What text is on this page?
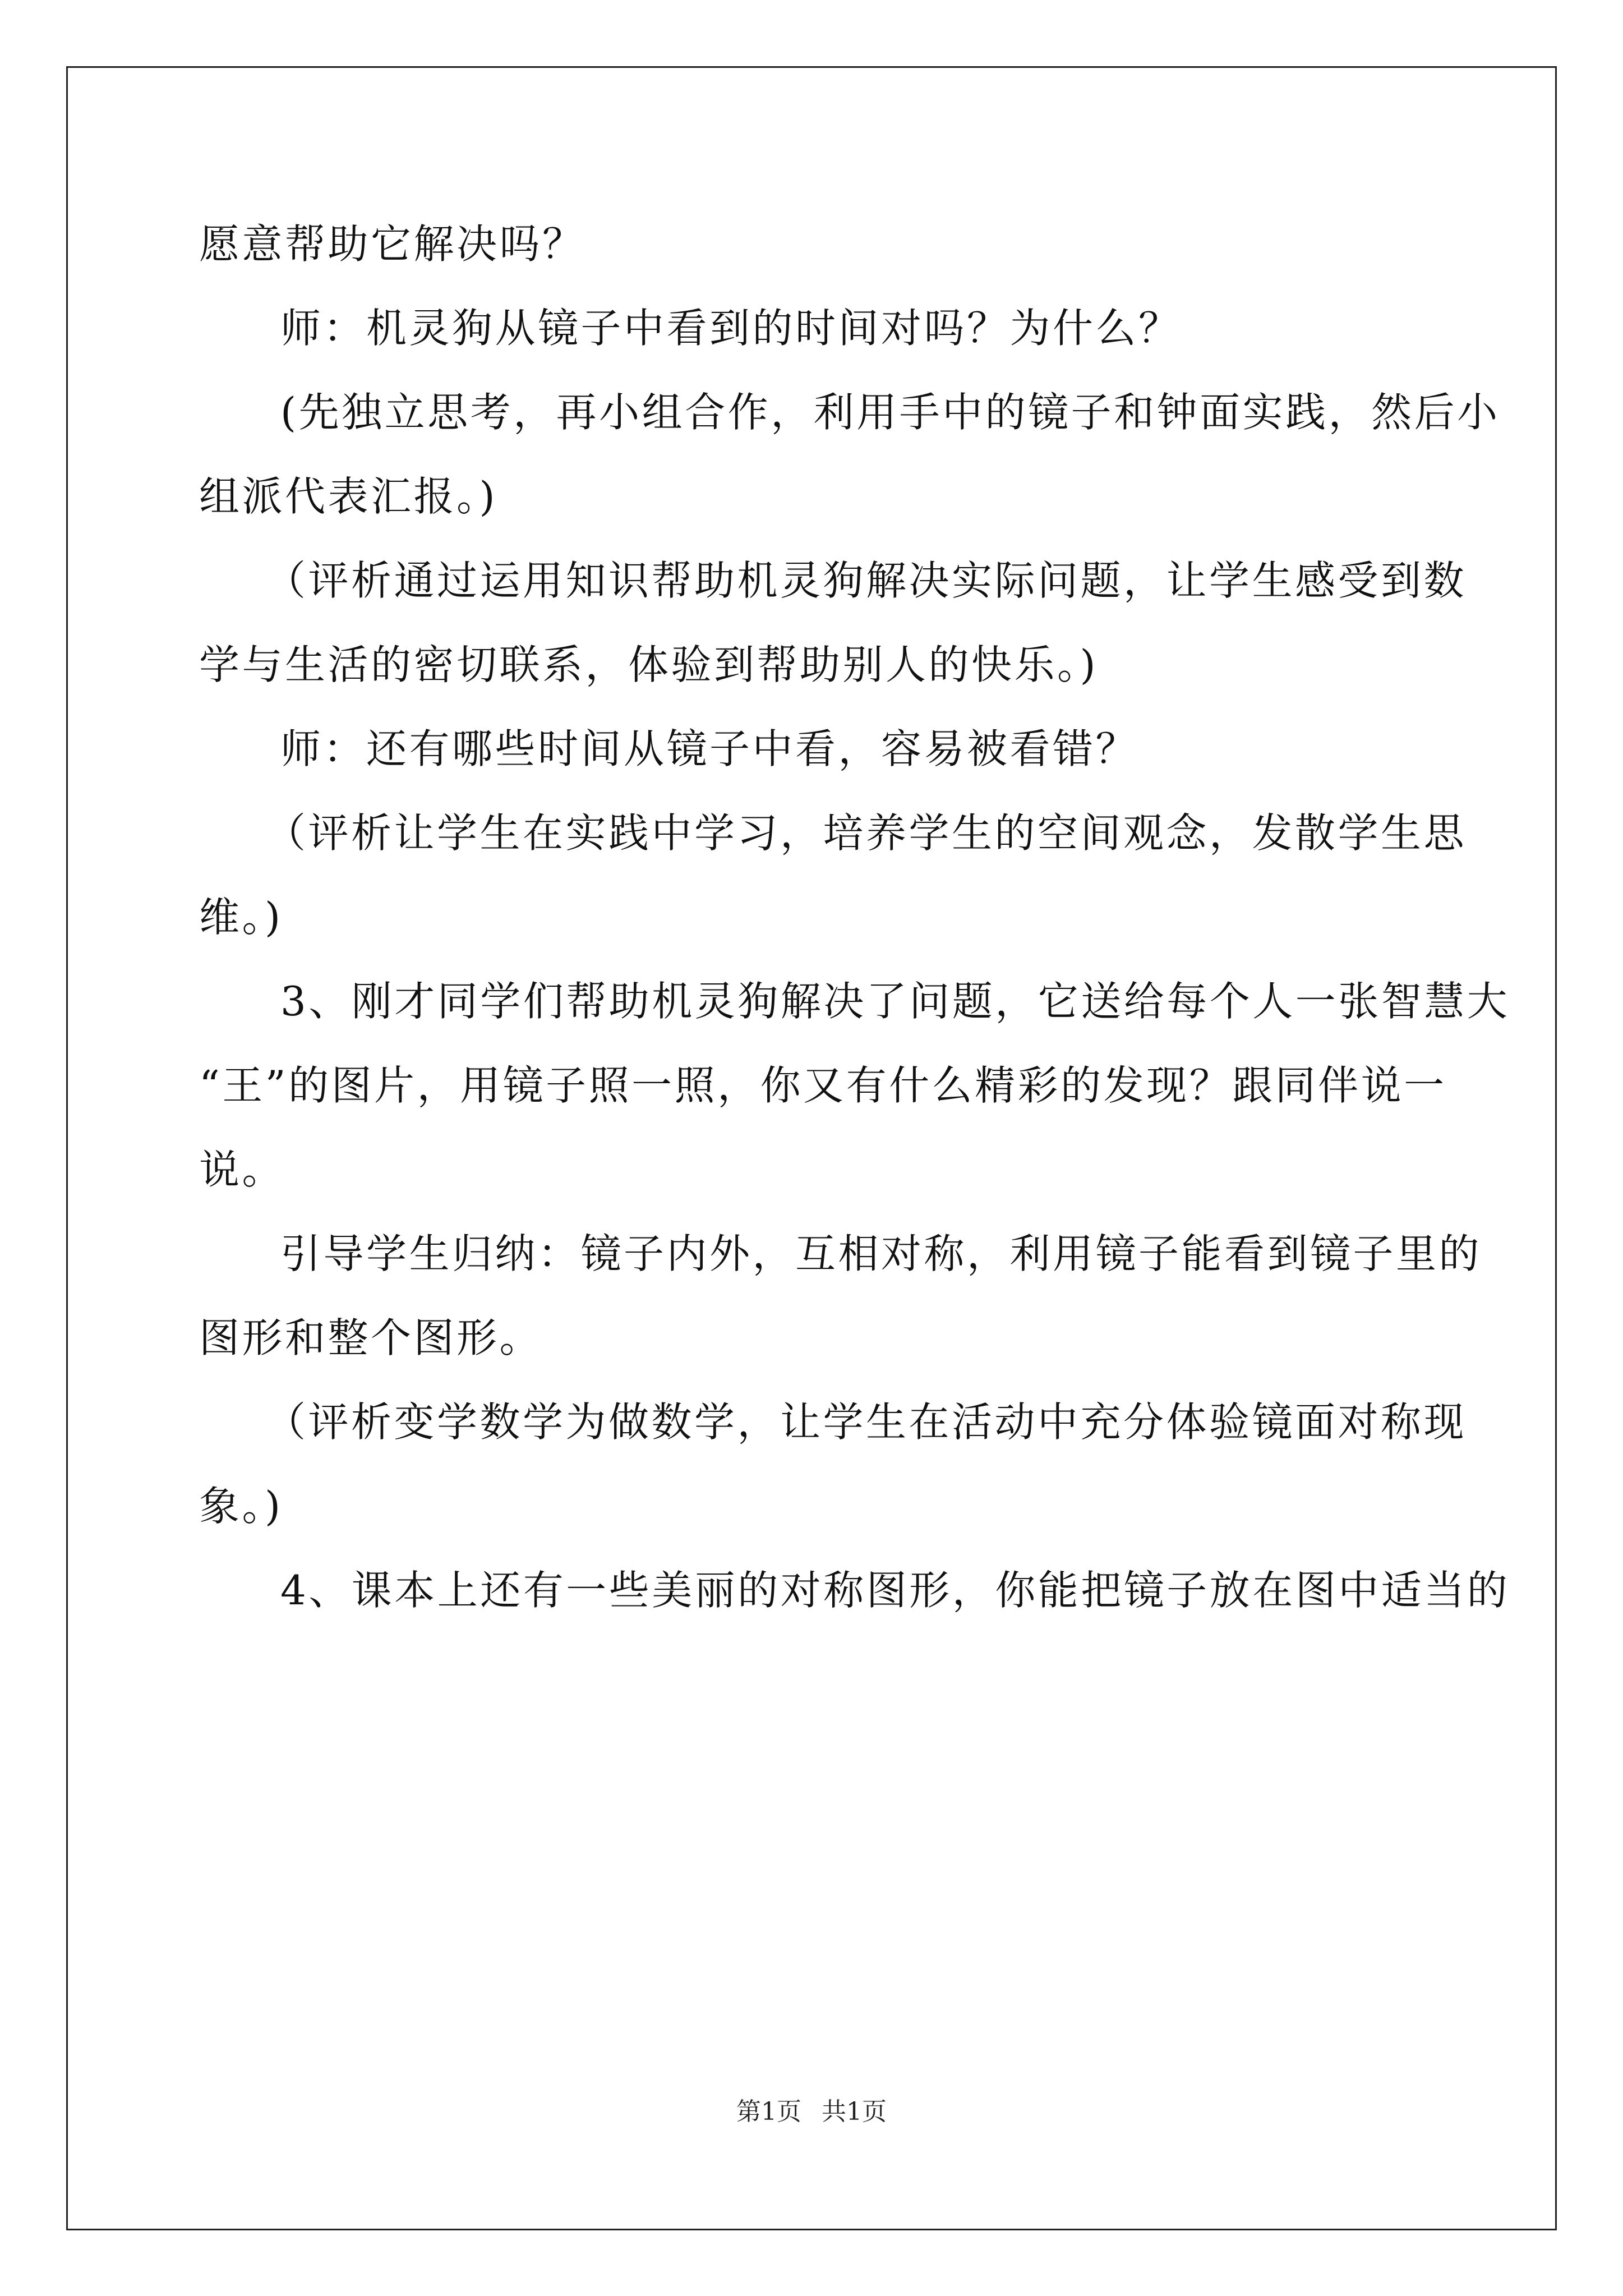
愿意帮助它解决吗？
师：机灵狗从镜子中看到的时间对吗？为什么？
(先独立思考，再小组合作，利用手中的镜子和钟面实践，然后小
组派代表汇报。)
（评析通过运用知识帮助机灵狗解决实际问题，让学生感受到数
学与生活的密切联系，体验到帮助别人的快乐。)
师：还有哪些时间从镜子中看，容易被看错？
（评析让学生在实践中学习，培养学生的空间观念，发散学生思
维。)
3、刚才同学们帮助机灵狗解决了问题，它送给每个人一张智慧大
“王”的图片，用镜子照一照，你又有什么精彩的发现？跟同伴说一
说。
引导学生归纳：镜子内外，互相对称，利用镜子能看到镜子里的
图形和整个图形。
（评析变学数学为做数学，让学生在活动中充分体验镜面对称现
象。)
4、课本上还有一些美丽的对称图形，你能把镜子放在图中适当的
第1页 共1页
